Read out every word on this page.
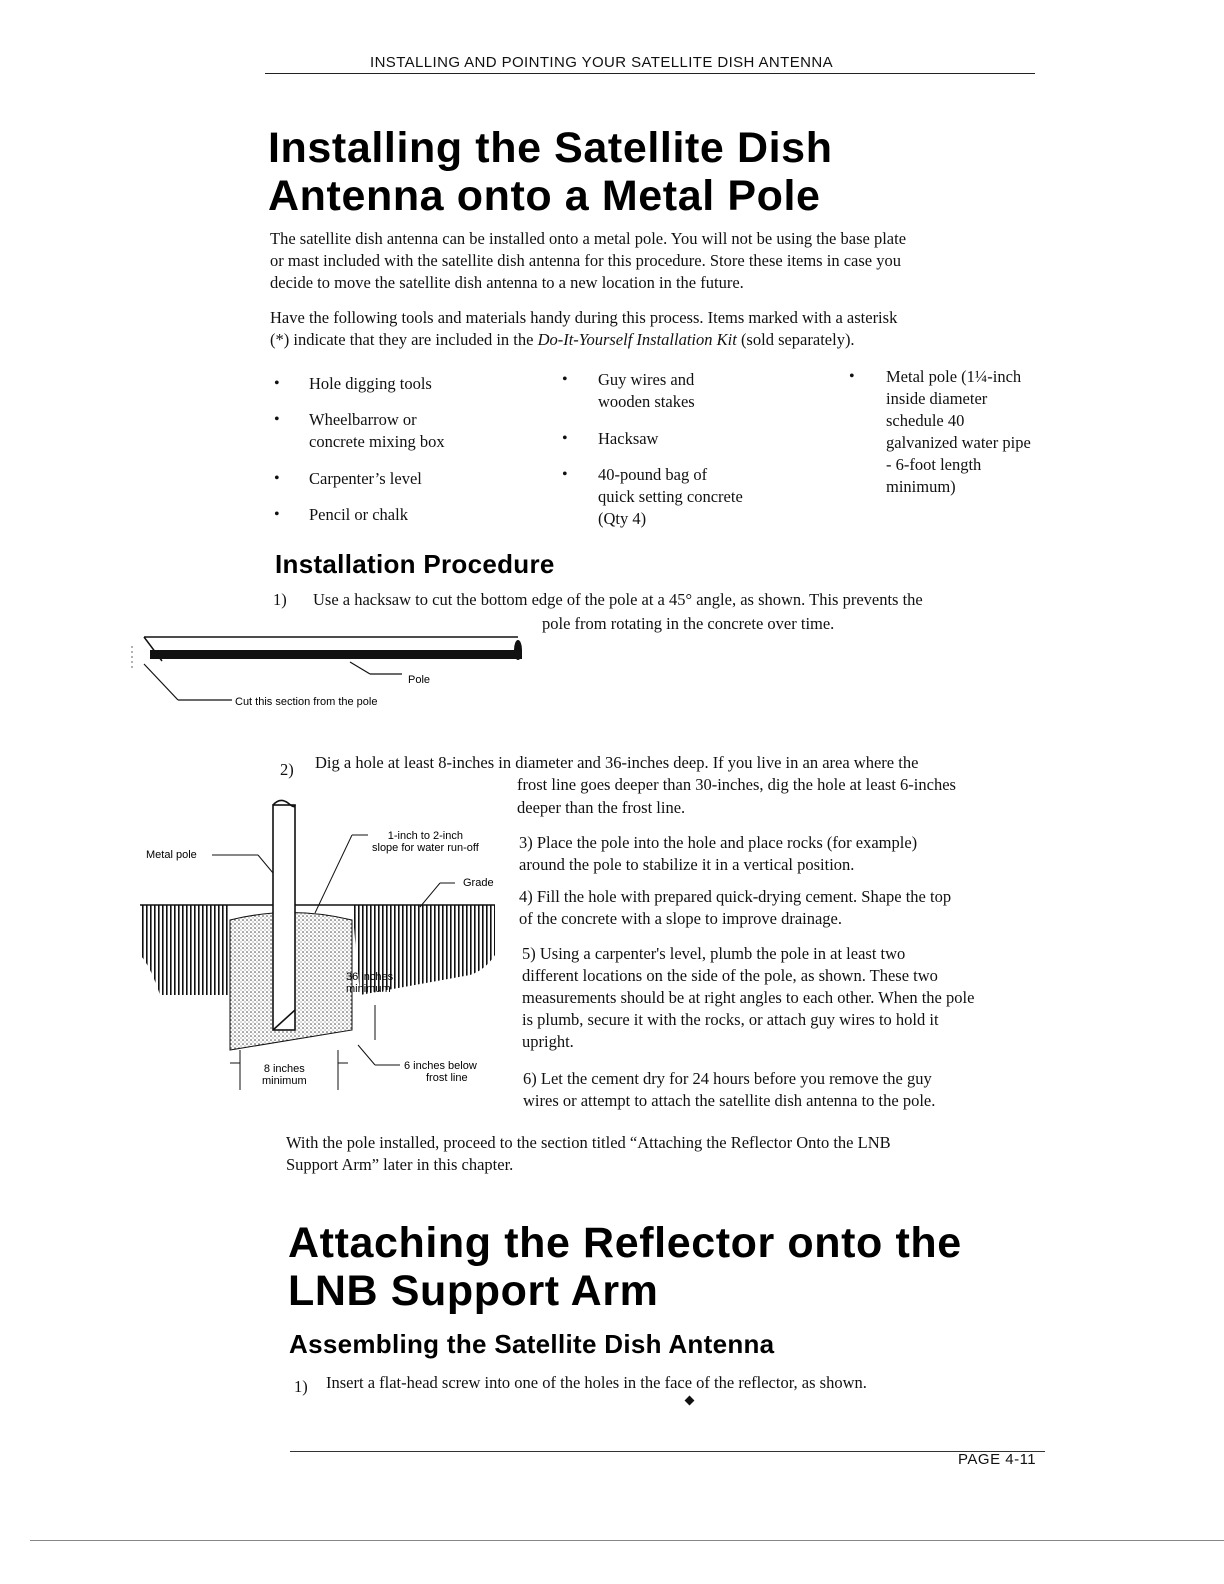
INSTALLING AND POINTING YOUR SATELLITE DISH ANTENNA
Installing the Satellite Dish
Antenna onto a Metal Pole
The satellite dish antenna can be installed onto a metal pole. You will not be using the base plate
or mast included with the satellite dish antenna for this procedure. Store these items in case you
decide to move the satellite dish antenna to a new location in the future.
Have the following tools and materials handy during this process. Items marked with a asterisk
(*) indicate that they are included in the Do-It-Yourself Installation Kit (sold separately).
• Hole digging tools
• Wheelbarrow or
concrete mixing box
• Carpenter’s level
• Pencil or chalk
• Guy wires and
wooden stakes
• Hacksaw
• 40-pound bag of
quick setting concrete
(Qty 4)
• Metal pole (1¼-inch
inside diameter
schedule 40
galvanized water pipe
- 6-foot length
minimum)
Installation Procedure
1) Use a hacksaw to cut the bottom edge of the pole at a 45° angle, as shown. This prevents the
pole from rotating in the concrete over time.
Pole
Cut this section from the pole
2) Dig a hole at least 8-inches in diameter and 36-inches deep. If you live in an area where the
frost line goes deeper than 30-inches, dig the hole at least 6-inches
deeper than the frost line.
3) Place the pole into the hole and place rocks (for example)
around the pole to stabilize it in a vertical position.
4) Fill the hole with prepared quick-drying cement. Shape the top
of the concrete with a slope to improve drainage.
5) Using a carpenter's level, plumb the pole in at least two
different locations on the side of the pole, as shown. These two
measurements should be at right angles to each other. When the pole
is plumb, secure it with the rocks, or attach guy wires to hold it
upright.
6) Let the cement dry for 24 hours before you remove the guy
wires or attempt to attach the satellite dish antenna to the pole.
Metal pole
1-inch to 2-inch
slope for water run-off
Grade
36 inches
minimum
8 inches
minimum
6 inches below
frost line
With the pole installed, proceed to the section titled “Attaching the Reflector Onto the LNB
Support Arm” later in this chapter.
Attaching the Reflector onto the
LNB Support Arm
Assembling the Satellite Dish Antenna
1) Insert a flat-head screw into one of the holes in the face of the reflector, as shown.
PAGE 4-11
